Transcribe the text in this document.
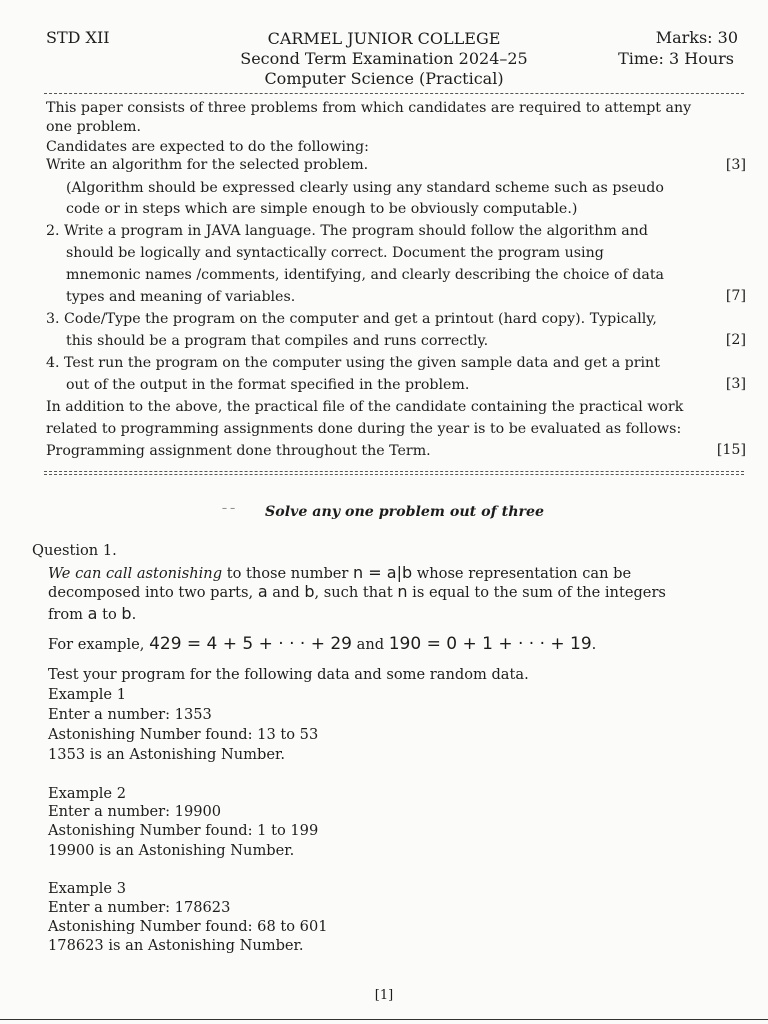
STD XII	CARMEL JUNIOR COLLEGE

Second Term Examination 2024–25

Computer Science (Practical)

Marks: 30

Time: 3 Hours

This paper consists of three problems from which candidates are required to attempt any

one problem.

Candidates are expected to do the following:

Write an algorithm for the selected problem.	[3]

(Algorithm should be expressed clearly using any standard scheme such as pseudo

code or in steps which are simple enough to be obviously computable.)

2. Write a program in JAVA language. The program should follow the algorithm and

should be logically and syntactically correct. Document the program using

mnemonic names /comments, identifying, and clearly describing the choice of data

types and meaning of variables.	[7]

3. Code/Type the program on the computer and get a printout (hard copy). Typically,

this should be a program that compiles and runs correctly.	[2]

4. Test run the program on the computer using the given sample data and get a print

out of the output in the format specified in the problem.	[3]

In addition to the above, the practical file of the candidate containing the practical work

related to programming assignments done during the year is to be evaluated as follows:

Programming assignment done throughout the Term.	[15]
– – Solve any one problem out of three

Question 1.

We can call astonishing to those number n = a|b whose representation can be

decomposed into two parts, a and b, such that n is equal to the sum of the integers

from a to b.

For example, 429 = 4 + 5 + · · · + 29 and 190 = 0 + 1 + · · · + 19.

Test your program for the following data and some random data.

Example 1

Enter a number: 1353

Astonishing Number found: 13 to 53

1353 is an Astonishing Number.

Example 2

Enter a number: 19900

Astonishing Number found: 1 to 199

19900 is an Astonishing Number.

Example 3

Enter a number: 178623

Astonishing Number found: 68 to 601

178623 is an Astonishing Number.

[1]
